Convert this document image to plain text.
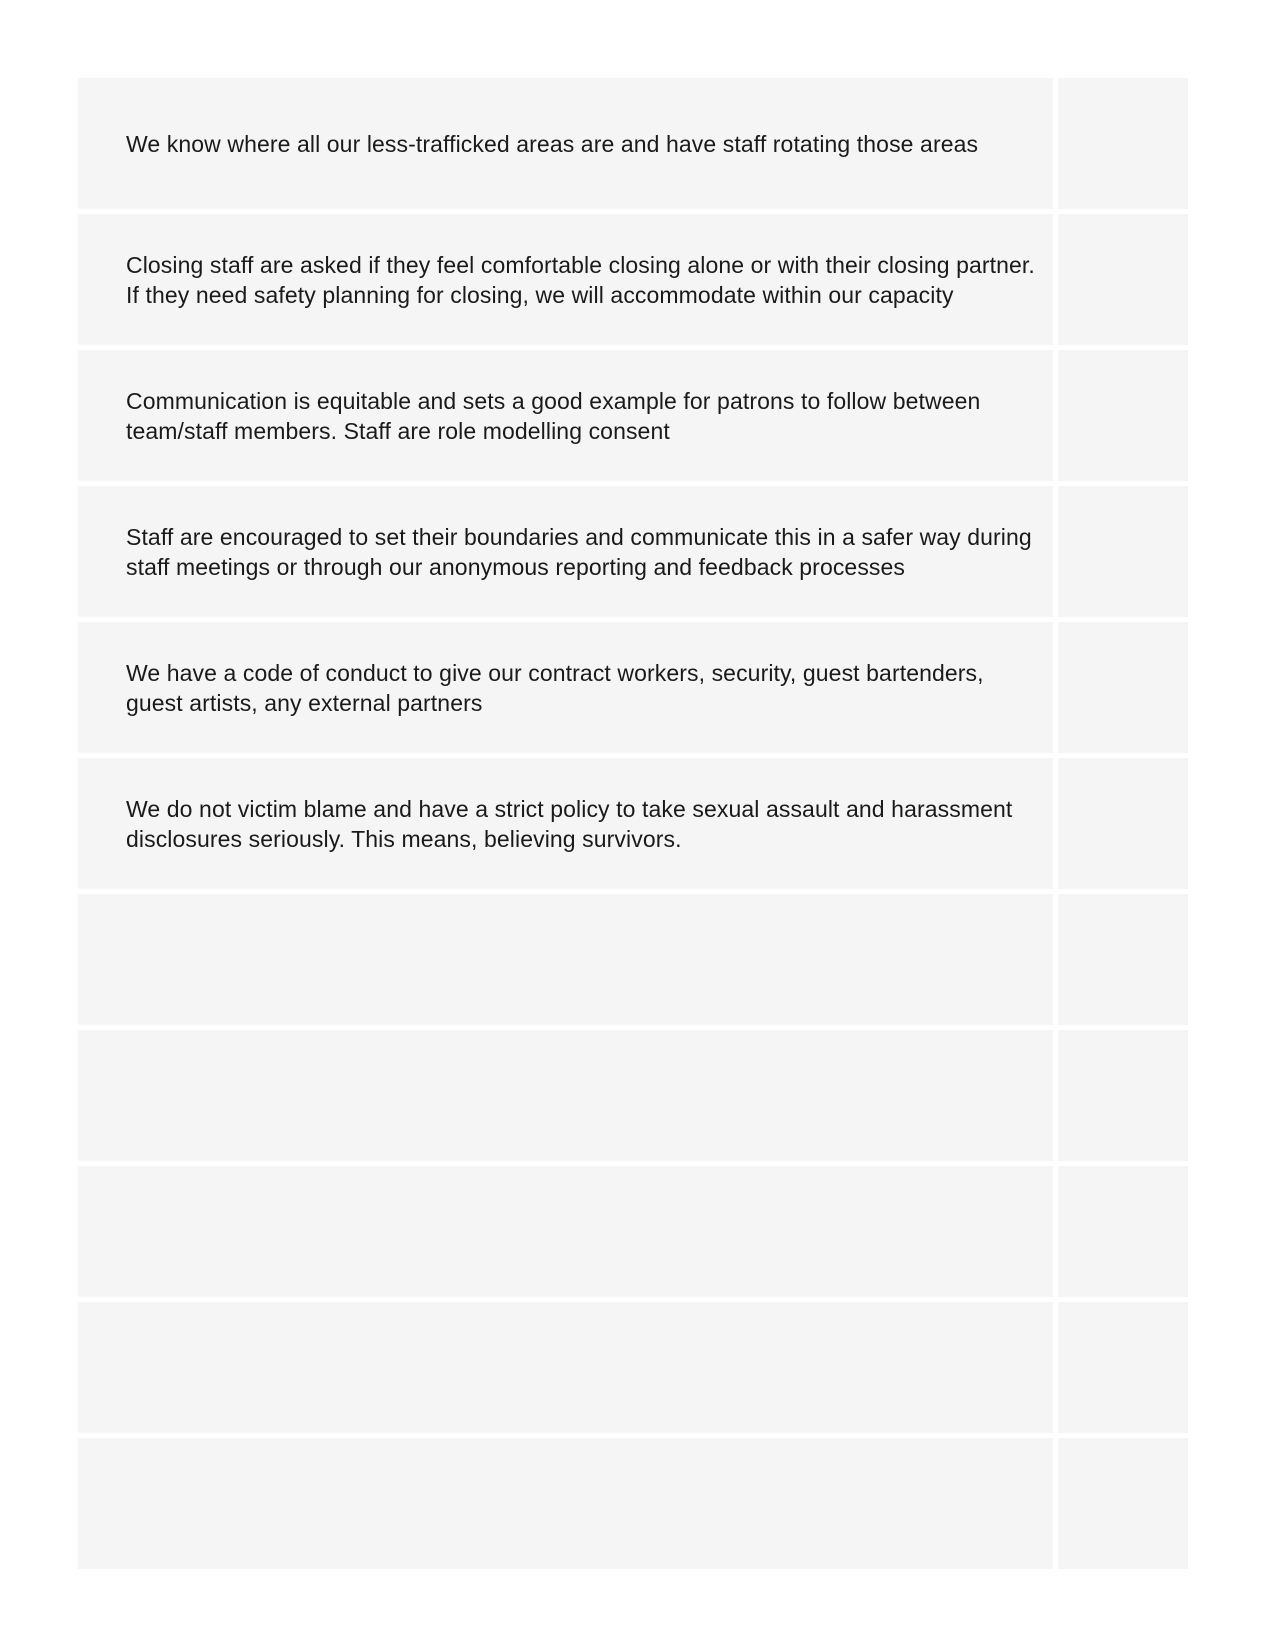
We know where all our less-trafficked areas are and have staff rotating those areas
Closing staff are asked if they feel comfortable closing alone or with their closing partner. If they need safety planning for closing, we will accommodate within our capacity
Communication is equitable and sets a good example for patrons to follow between team/staff members. Staff are role modelling consent
Staff are encouraged to set their boundaries and communicate this in a safer way during staff meetings or through our anonymous reporting and feedback processes
We have a code of conduct to give our contract workers, security, guest bartenders, guest artists, any external partners
We do not victim blame and have a strict policy to take sexual assault and harassment disclosures seriously. This means, believing survivors.
